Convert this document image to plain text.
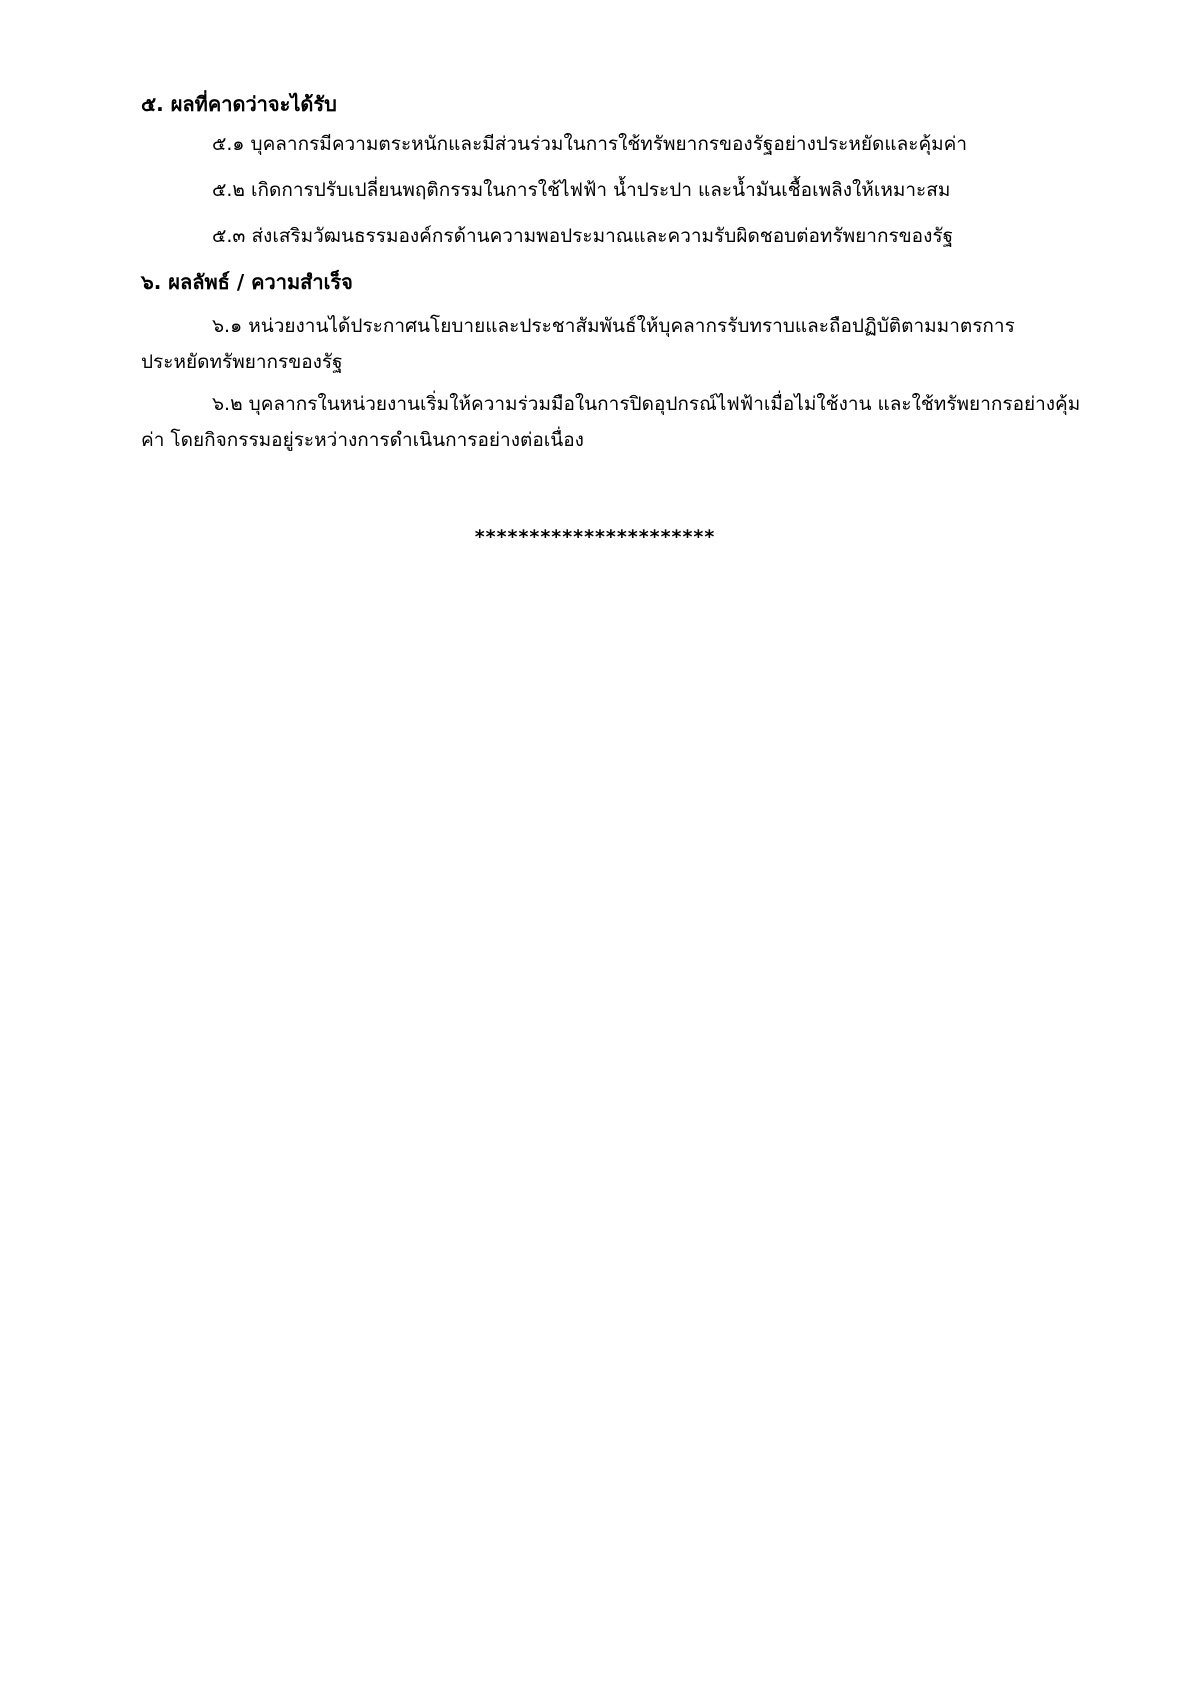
๕. ผลที่คาดว่าจะได้รับ
๕.๑ บุคลากรมีความตระหนักและมีส่วนร่วมในการใช้ทรัพยากรของรัฐอย่างประหยัดและคุ้มค่า
๕.๒ เกิดการปรับเปลี่ยนพฤติกรรมในการใช้ไฟฟ้า น้ำประปา และน้ำมันเชื้อเพลิงให้เหมาะสม
๕.๓ ส่งเสริมวัฒนธรรมองค์กรด้านความพอประมาณและความรับผิดชอบต่อทรัพยากรของรัฐ
๖. ผลลัพธ์ / ความสำเร็จ
๖.๑ หน่วยงานได้ประกาศนโยบายและประชาสัมพันธ์ให้บุคลากรรับทราบและถือปฏิบัติตามมาตรการประหยัดทรัพยากรของรัฐ
๖.๒ บุคลากรในหน่วยงานเริ่มให้ความร่วมมือในการปิดอุปกรณ์ไฟฟ้าเมื่อไม่ใช้งาน และใช้ทรัพยากรอย่างคุ้มค่า โดยกิจกรรมอยู่ระหว่างการดำเนินการอย่างต่อเนื่อง
**********************
